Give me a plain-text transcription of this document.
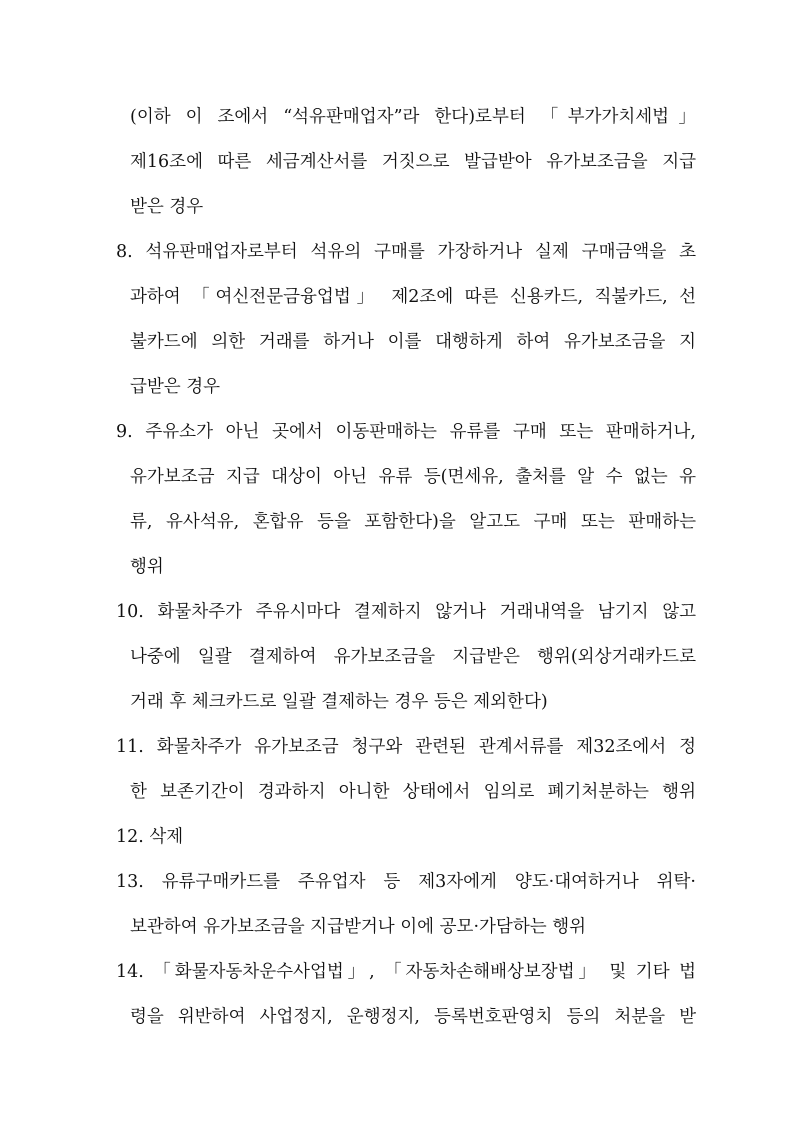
(이하 이 조에서 “석유판매업자”라 한다)로부터 「부가가치세법」
제16조에 따른 세금계산서를 거짓으로 발급받아 유가보조금을 지급
받은 경우
8. 석유판매업자로부터 석유의 구매를 가장하거나 실제 구매금액을 초
과하여 「여신전문금융업법」 제2조에 따른 신용카드, 직불카드, 선
불카드에 의한 거래를 하거나 이를 대행하게 하여 유가보조금을 지
급받은 경우
9. 주유소가 아닌 곳에서 이동판매하는 유류를 구매 또는 판매하거나,
유가보조금 지급 대상이 아닌 유류 등(면세유, 출처를 알 수 없는 유
류, 유사석유, 혼합유 등을 포함한다)을 알고도 구매 또는 판매하는
행위
10. 화물차주가 주유시마다 결제하지 않거나 거래내역을 남기지 않고
나중에 일괄 결제하여 유가보조금을 지급받은 행위(외상거래카드로
거래 후 체크카드로 일괄 결제하는 경우 등은 제외한다)
11. 화물차주가 유가보조금 청구와 관련된 관계서류를 제32조에서 정
한 보존기간이 경과하지 아니한 상태에서 임의로 폐기처분하는 행위
12. 삭제
13. 유류구매카드를 주유업자 등 제3자에게 양도·대여하거나 위탁·
보관하여 유가보조금을 지급받거나 이에 공모·가담하는 행위
14. 「화물자동차운수사업법」, 「자동차손해배상보장법」 및 기타 법
령을 위반하여 사업정지, 운행정지, 등록번호판영치 등의 처분을 받
